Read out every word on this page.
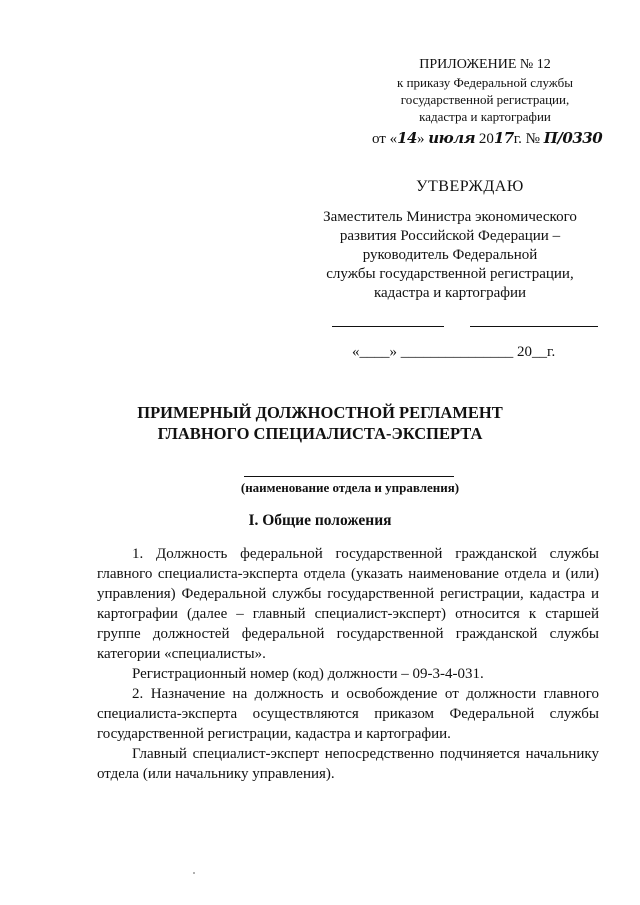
ПРИЛОЖЕНИЕ № 12
к приказу Федеральной службы
государственной регистрации,
кадастра и картографии
от «14» июля 2017г. № П/0330
УТВЕРЖДАЮ
Заместитель Министра экономического
развития Российской Федерации –
руководитель Федеральной
службы государственной регистрации,
кадастра и картографии
«____» _______________ 20__г.
ПРИМЕРНЫЙ ДОЛЖНОСТНОЙ РЕГЛАМЕНТ
ГЛАВНОГО СПЕЦИАЛИСТА-ЭКСПЕРТА
(наименование отдела и управления)
I. Общие положения

1. Должность федеральной государственной гражданской службы главного специалиста-эксперта отдела (указать наименование отдела и (или) управления) Федеральной службы государственной регистрации, кадастра и картографии (далее – главный специалист-эксперт) относится к старшей группе должностей федеральной государственной гражданской службы категории «специалисты».

Регистрационный номер (код) должности – 09-3-4-031.

2. Назначение на должность и освобождение от должности главного специалиста-эксперта осуществляются приказом Федеральной службы государственной регистрации, кадастра и картографии.

Главный специалист-эксперт непосредственно подчиняется начальнику отдела (или начальнику управления).
